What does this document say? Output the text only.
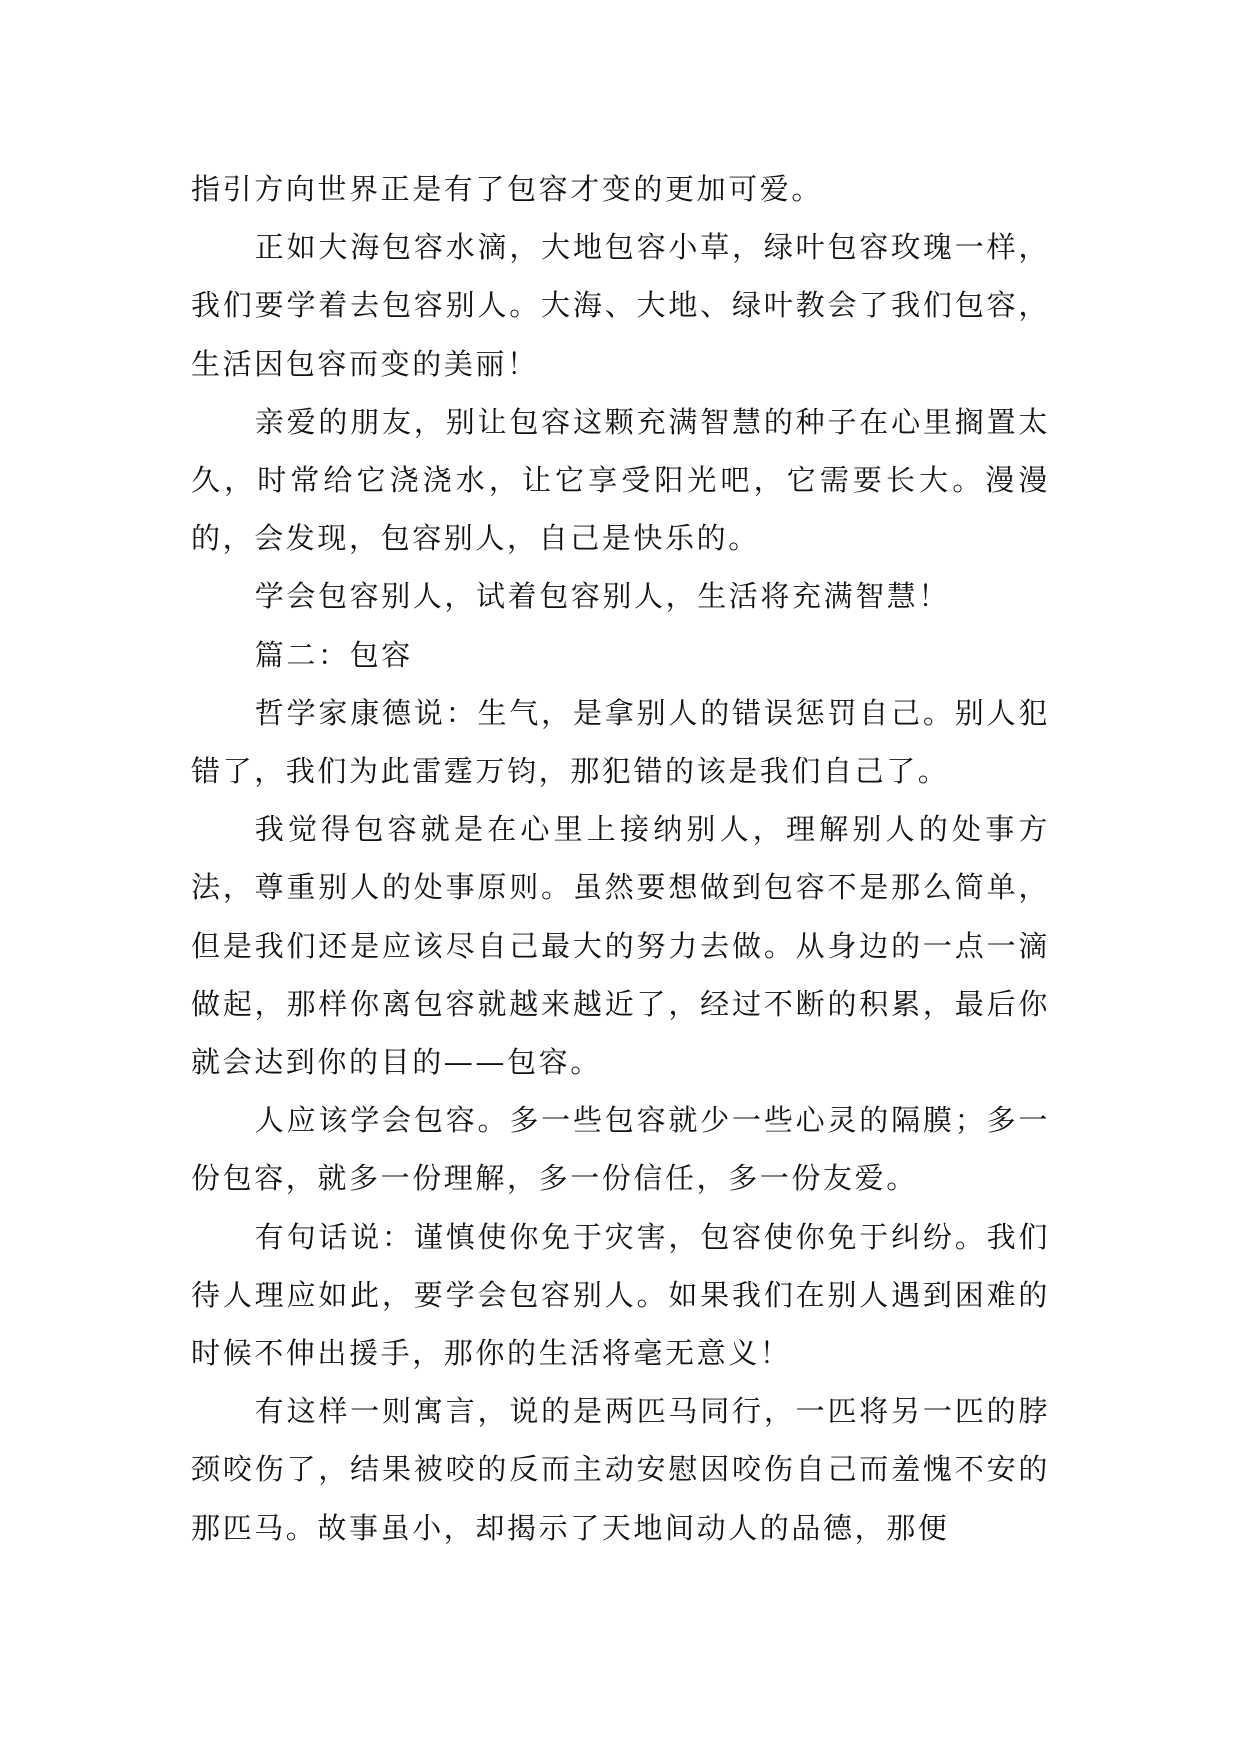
指引方向世界正是有了包容才变的更加可爱。

正如大海包容水滴，大地包容小草，绿叶包容玫瑰一样，我们要学着去包容别人。大海、大地、绿叶教会了我们包容，生活因包容而变的美丽！

亲爱的朋友，别让包容这颗充满智慧的种子在心里搁置太久，时常给它浇浇水，让它享受阳光吧，它需要长大。漫漫的，会发现，包容别人，自己是快乐的。

学会包容别人，试着包容别人，生活将充满智慧！

篇二：包容

哲学家康德说：生气，是拿别人的错误惩罚自己。别人犯错了，我们为此雷霆万钧，那犯错的该是我们自己了。

我觉得包容就是在心里上接纳别人，理解别人的处事方法，尊重别人的处事原则。虽然要想做到包容不是那么简单，但是我们还是应该尽自己最大的努力去做。从身边的一点一滴做起，那样你离包容就越来越近了，经过不断的积累，最后你就会达到你的目的——包容。

人应该学会包容。多一些包容就少一些心灵的隔膜；多一份包容，就多一份理解，多一份信任，多一份友爱。

有句话说：谨慎使你免于灾害，包容使你免于纠纷。我们待人理应如此，要学会包容别人。如果我们在别人遇到困难的时候不伸出援手，那你的生活将毫无意义！

有这样一则寓言，说的是两匹马同行，一匹将另一匹的脖颈咬伤了，结果被咬的反而主动安慰因咬伤自己而羞愧不安的那匹马。故事虽小，却揭示了天地间动人的品德，那便
